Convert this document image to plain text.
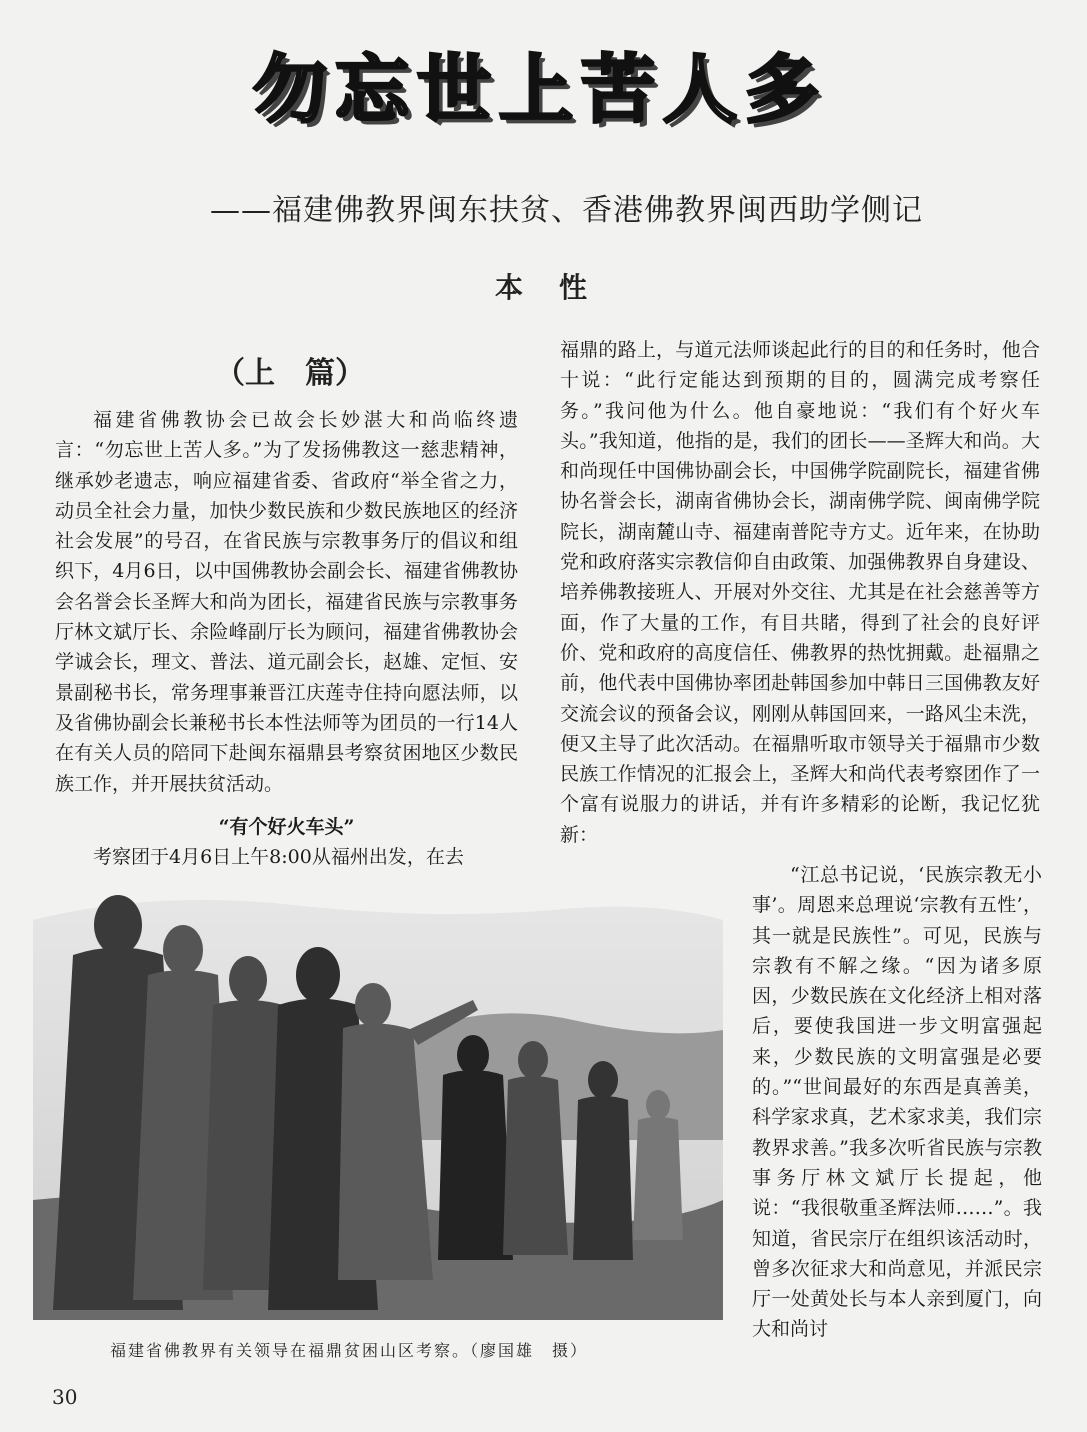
勿忘世上苦人多
——福建佛教界闽东扶贫、香港佛教界闽西助学侧记
本性
（上　篇）

福建省佛教协会已故会长妙湛大和尚临终遗言：“勿忘世上苦人多。”为了发扬佛教这一慈悲精神，继承妙老遗志，响应福建省委、省政府“举全省之力，动员全社会力量，加快少数民族和少数民族地区的经济社会发展”的号召，在省民族与宗教事务厅的倡议和组织下，4月6日，以中国佛教协会副会长、福建省佛教协会名誉会长圣辉大和尚为团长，福建省民族与宗教事务厅林文斌厅长、余险峰副厅长为顾问，福建省佛教协会学诚会长，理文、普法、道元副会长，赵雄、定恒、安景副秘书长，常务理事兼晋江庆莲寺住持向愿法师，以及省佛协副会长兼秘书长本性法师等为团员的一行14人在有关人员的陪同下赴闽东福鼎县考察贫困地区少数民族工作，并开展扶贫活动。

“有个好火车头”
考察团于4月6日上午8:00从福州出发，在去

福鼎的路上，与道元法师谈起此行的目的和任务时，他合十说：“此行定能达到预期的目的，圆满完成考察任务。”我问他为什么。他自豪地说：“我们有个好火车头。”我知道，他指的是，我们的团长——圣辉大和尚。大和尚现任中国佛协副会长，中国佛学院副院长，福建省佛协名誉会长，湖南省佛协会长，湖南佛学院、闽南佛学院院长，湖南麓山寺、福建南普陀寺方丈。近年来，在协助党和政府落实宗教信仰自由政策、加强佛教界自身建设、培养佛教接班人、开展对外交往、尤其是在社会慈善等方面，作了大量的工作，有目共睹，得到了社会的良好评价、党和政府的高度信任、佛教界的热忱拥戴。赴福鼎之前，他代表中国佛协率团赴韩国参加中韩日三国佛教友好交流会议的预备会议，刚刚从韩国回来，一路风尘未洗，便又主导了此次活动。在福鼎听取市领导关于福鼎市少数民族工作情况的汇报会上，圣辉大和尚代表考察团作了一个富有说服力的讲话，并有许多精彩的论断，我记忆犹新：

“江总书记说，‘民族宗教无小事’。周恩来总理说‘宗教有五性’，其一就是民族性”。可见，民族与宗教有不解之缘。“因为诸多原因，少数民族在文化经济上相对落后，要使我国进一步文明富强起来，少数民族的文明富强是必要的。”“世间最好的东西是真善美，科学家求真，艺术家求美，我们宗教界求善。”我多次听省民族与宗教事务厅林文斌厅长提起，他说：“我很敬重圣辉法师……”。我知道，省民宗厅在组织该活动时，曾多次征求大和尚意见，并派民宗厅一处黄处长与本人亲到厦门，向大和尚讨

福建省佛教界有关领导在福鼎贫困山区考察。（廖国雄　摄）
30
